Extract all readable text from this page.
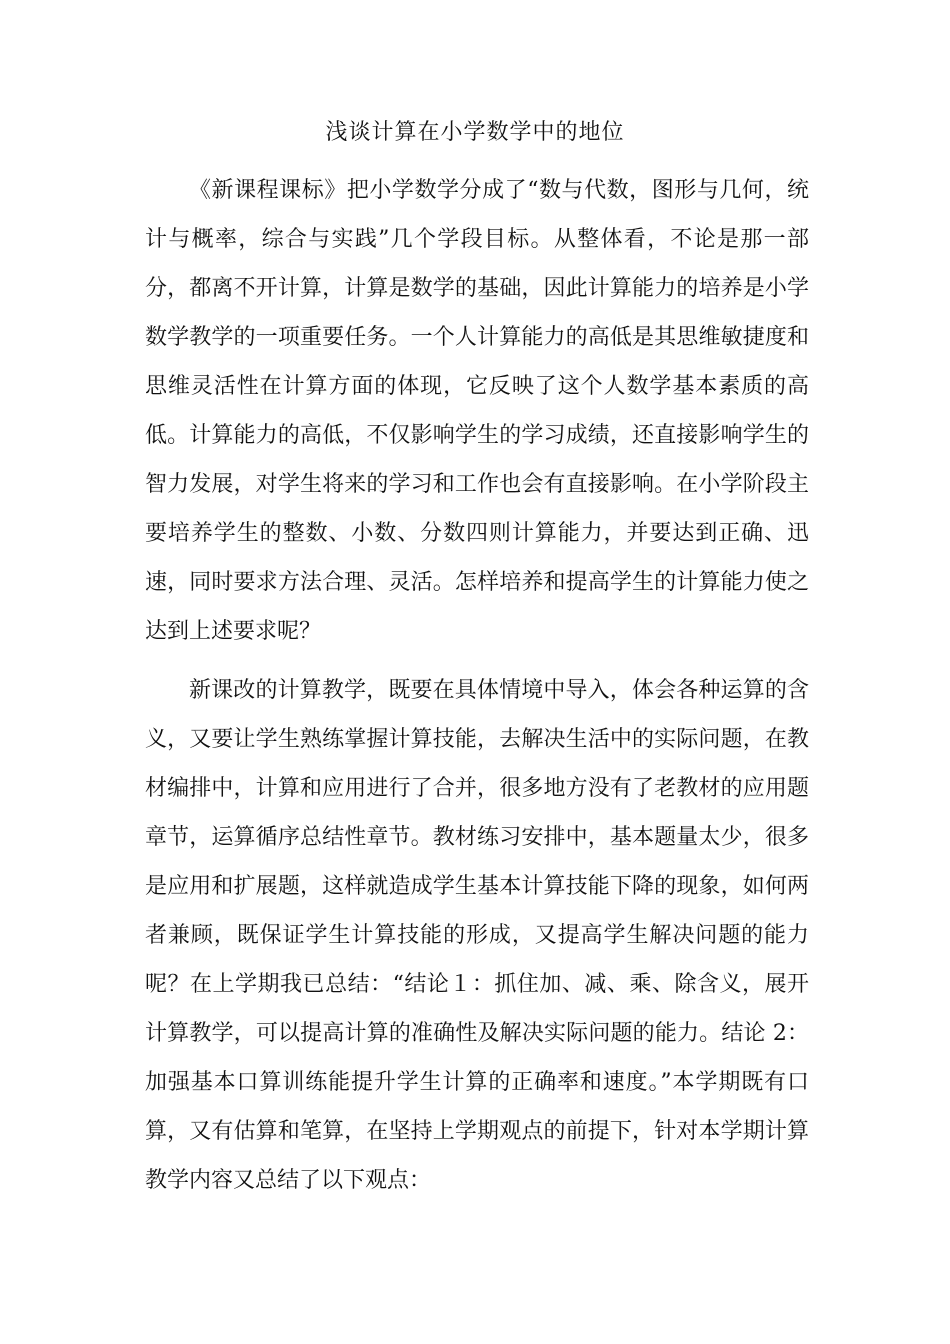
浅谈计算在小学数学中的地位

《新课程课标》把小学数学分成了“数与代数，图形与几何，统计与概率，综合与实践”几个学段目标。从整体看，不论是那一部分，都离不开计算，计算是数学的基础，因此计算能力的培养是小学数学教学的一项重要任务。一个人计算能力的高低是其思维敏捷度和思维灵活性在计算方面的体现，它反映了这个人数学基本素质的高低。计算能力的高低，不仅影响学生的学习成绩，还直接影响学生的智力发展，对学生将来的学习和工作也会有直接影响。在小学阶段主要培养学生的整数、小数、分数四则计算能力，并要达到正确、迅速，同时要求方法合理、灵活。怎样培养和提高学生的计算能力使之达到上述要求呢？

新课改的计算教学，既要在具体情境中导入，体会各种运算的含义，又要让学生熟练掌握计算技能，去解决生活中的实际问题，在教材编排中，计算和应用进行了合并，很多地方没有了老教材的应用题章节，运算循序总结性章节。教材练习安排中，基本题量太少，很多是应用和扩展题，这样就造成学生基本计算技能下降的现象，如何两者兼顾，既保证学生计算技能的形成，又提高学生解决问题的能力呢？在上学期我已总结：“结论１：抓住加、减、乘、除含义，展开计算教学，可以提高计算的准确性及解决实际问题的能力。结论 2：加强基本口算训练能提升学生计算的正确率和速度。”本学期既有口算，又有估算和笔算，在坚持上学期观点的前提下，针对本学期计算教学内容又总结了以下观点：
